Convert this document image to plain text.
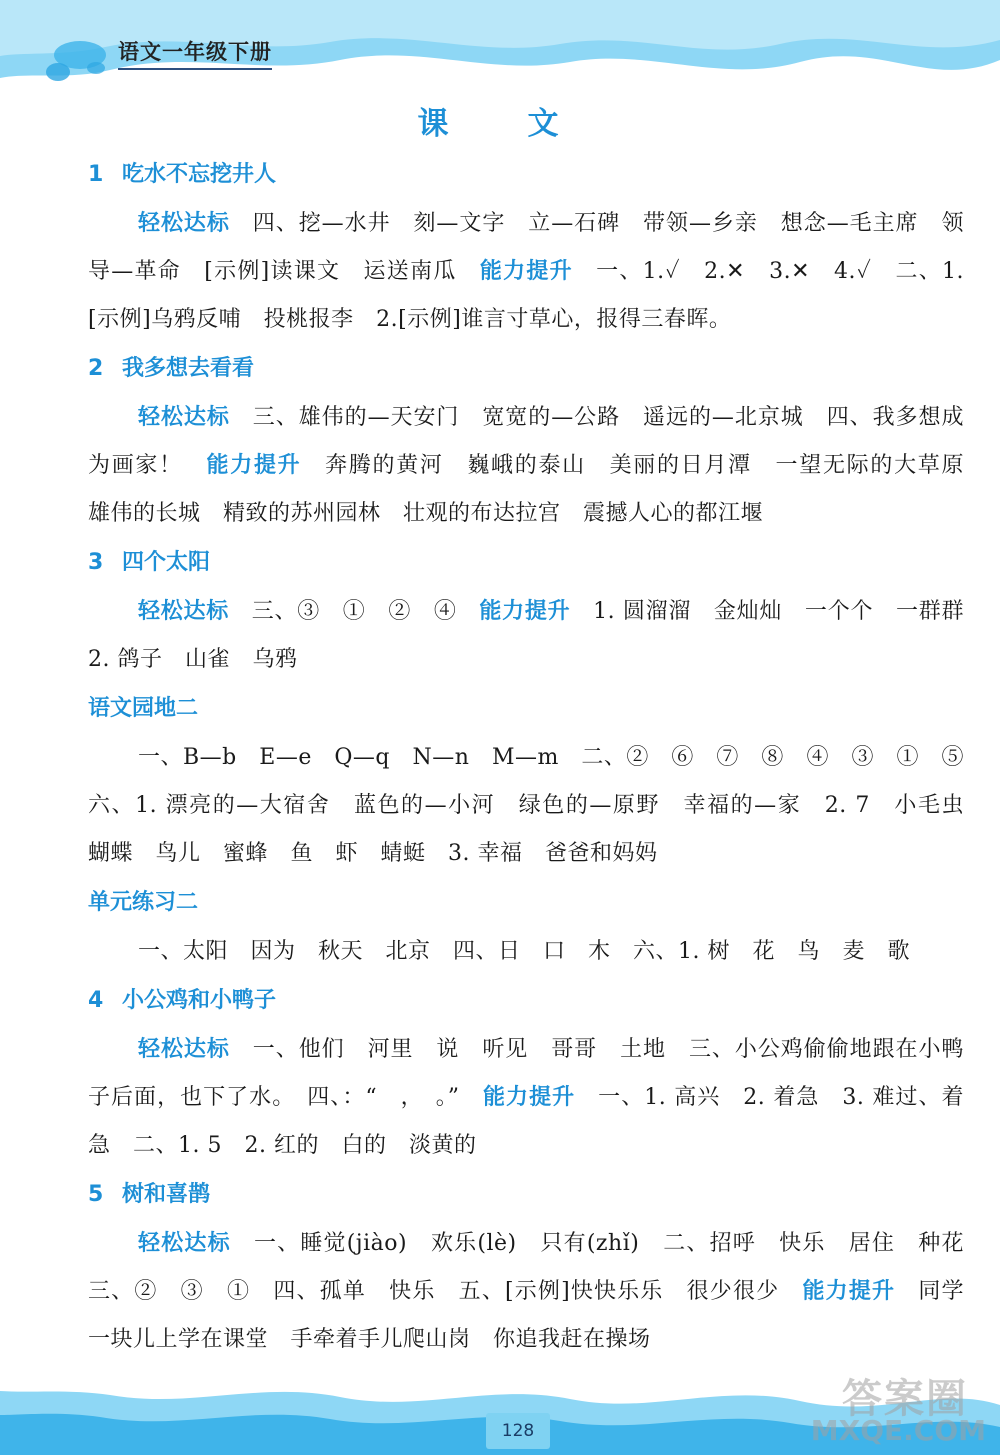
语文一年级下册
课　文
1 吃水不忘挖井人
轻松达标　四、挖—水井　刻—文字　立—石碑　带领—乡亲　想念—毛主席　领导—革命　[示例]读课文　运送南瓜　能力提升　一、1.✓　2.✕　3.✕　4.✓　二、1.[示例]乌鸦反哺　投桃报李　2.[示例]谁言寸草心，报得三春晖。
2 我多想去看看
轻松达标　三、雄伟的—天安门　宽宽的—公路　遥远的—北京城　四、我多想成为画家！　能力提升　奔腾的黄河　巍峨的泰山　美丽的日月潭　一望无际的大草原　雄伟的长城　精致的苏州园林　壮观的布达拉宫　震撼人心的都江堰
3 四个太阳
轻松达标　三、③　①　②　④　能力提升　1. 圆溜溜　金灿灿　一个个　一群群　2. 鸽子　山雀　乌鸦
语文园地二
一、B—b　E—e　Q—q　N—n　M—m　二、②　⑥　⑦　⑧　④　③　①　⑤　六、1. 漂亮的—大宿舍　蓝色的—小河　绿色的—原野　幸福的—家　2. 7　小毛虫　蝴蝶　鸟儿　蜜蜂　鱼　虾　蜻蜓　3. 幸福　爸爸和妈妈
单元练习二
一、太阳　因为　秋天　北京　四、日　口　木　六、1. 树　花　鸟　麦　歌
4 小公鸡和小鸭子
轻松达标　一、他们　河里　说　听见　哥哥　土地　三、小公鸡偷偷地跟在小鸭子后面，也下了水。　四、：“　，　。”　能力提升　一、1. 高兴　2. 着急　3. 难过、着急　二、1. 5　2. 红的　白的　淡黄的
5 树和喜鹊
轻松达标　一、睡觉(jiào)　欢乐(lè)　只有(zhǐ)　二、招呼　快乐　居住　种花　三、②　③　①　四、孤单　快乐　五、[示例]快快乐乐　很少很少　能力提升　同学　一块儿上学在课堂　手牵着手儿爬山岗　你追我赶在操场
128
答案圈
MXQE.COM
